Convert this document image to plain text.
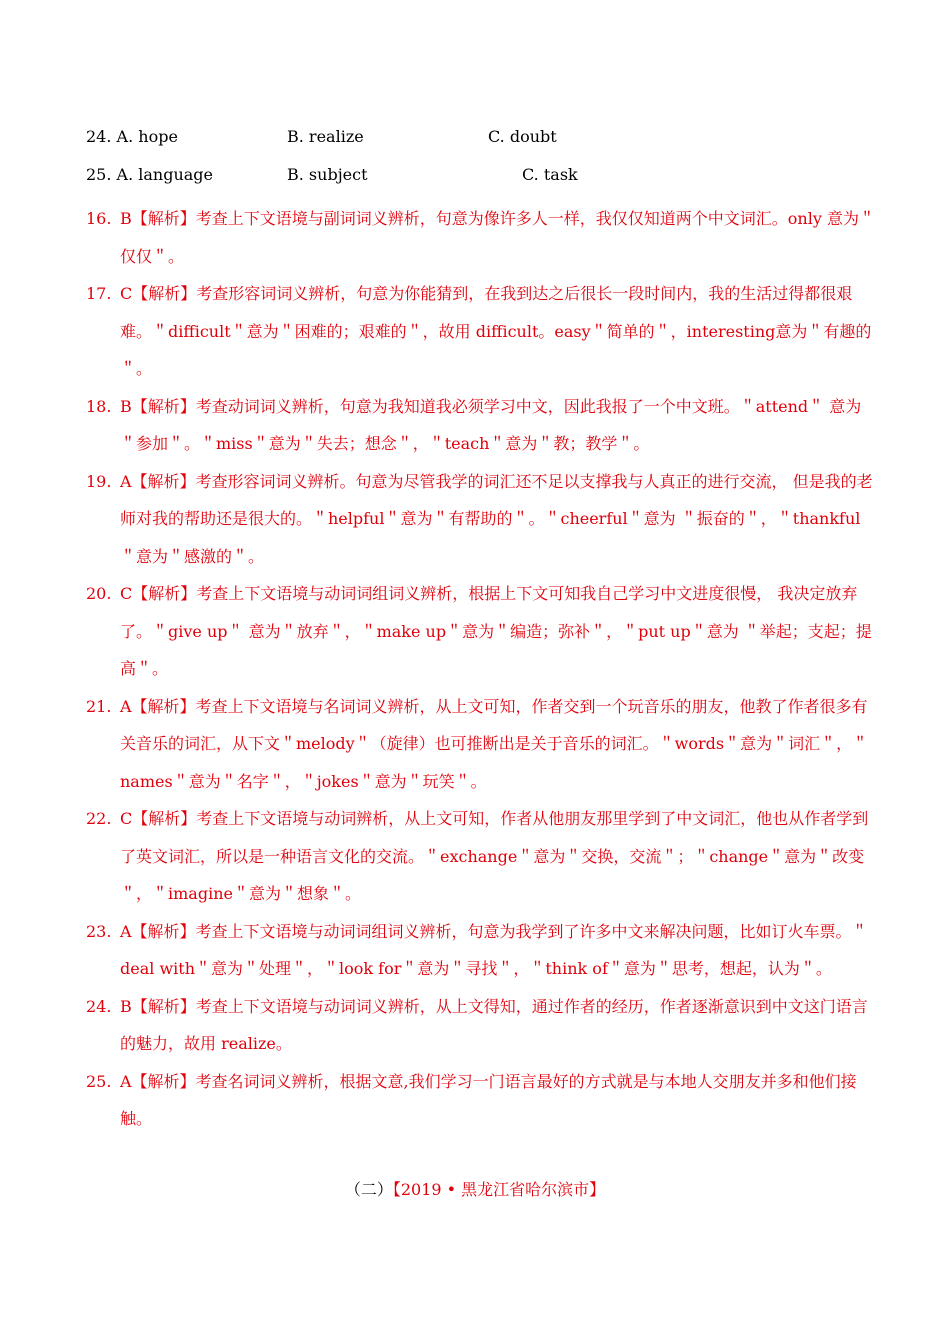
24. A. hope	B. realize	C. doubt
25. A. language	B. subject	C. task
16. B【解析】考查上下文语境与副词词义辨析，句意为像许多人一样，我仅仅知道两个中文词汇。only 意为＂仅仅＂。
17. C【解析】考查形容词词义辨析，句意为你能猜到，在我到达之后很长一段时间内，我的生活过得都很艰难。＂difficult＂意为＂困难的；艰难的＂，故用 difficult。easy＂简单的＂，interesting意为＂有趣的＂。
18. B【解析】考查动词词义辨析，句意为我知道我必须学习中文，因此我报了一个中文班。＂attend＂ 意为＂参加＂。＂miss＂意为＂失去；想念＂，＂teach＂意为＂教；教学＂。
19. A【解析】考查形容词词义辨析。句意为尽管我学的词汇还不足以支撑我与人真正的进行交流， 但是我的老师对我的帮助还是很大的。＂helpful＂意为＂有帮助的＂。＂cheerful＂意为 ＂振奋的＂，＂thankful＂意为＂感激的＂。
20. C【解析】考查上下文语境与动词词组词义辨析，根据上下文可知我自己学习中文进度很慢， 我决定放弃了。＂give up＂ 意为＂放弃＂，＂make up＂意为＂编造；弥补＂，＂put up＂意为 ＂举起；支起；提高＂。
21. A【解析】考查上下文语境与名词词义辨析，从上文可知，作者交到一个玩音乐的朋友，他教了作者很多有关音乐的词汇，从下文＂melody＂（旋律）也可推断出是关于音乐的词汇。＂words＂意为＂词汇＂，＂names＂意为＂名字＂，＂jokes＂意为＂玩笑＂。
22. C【解析】考查上下文语境与动词辨析，从上文可知，作者从他朋友那里学到了中文词汇，他也从作者学到了英文词汇，所以是一种语言文化的交流。＂exchange＂意为＂交换，交流＂；＂change＂意为＂改变＂，＂imagine＂意为＂想象＂。
23. A【解析】考查上下文语境与动词词组词义辨析，句意为我学到了许多中文来解决问题，比如订火车票。＂deal with＂意为＂处理＂，＂look for＂意为＂寻找＂，＂think of＂意为＂思考，想起，认为＂。
24. B【解析】考查上下文语境与动词词义辨析，从上文得知，通过作者的经历，作者逐渐意识到中文这门语言的魅力，故用 realize。
25. A【解析】考查名词词义辨析，根据文意,我们学习一门语言最好的方式就是与本地人交朋友并多和他们接触。
（二）【2019 • 黑龙江省哈尔滨市】
